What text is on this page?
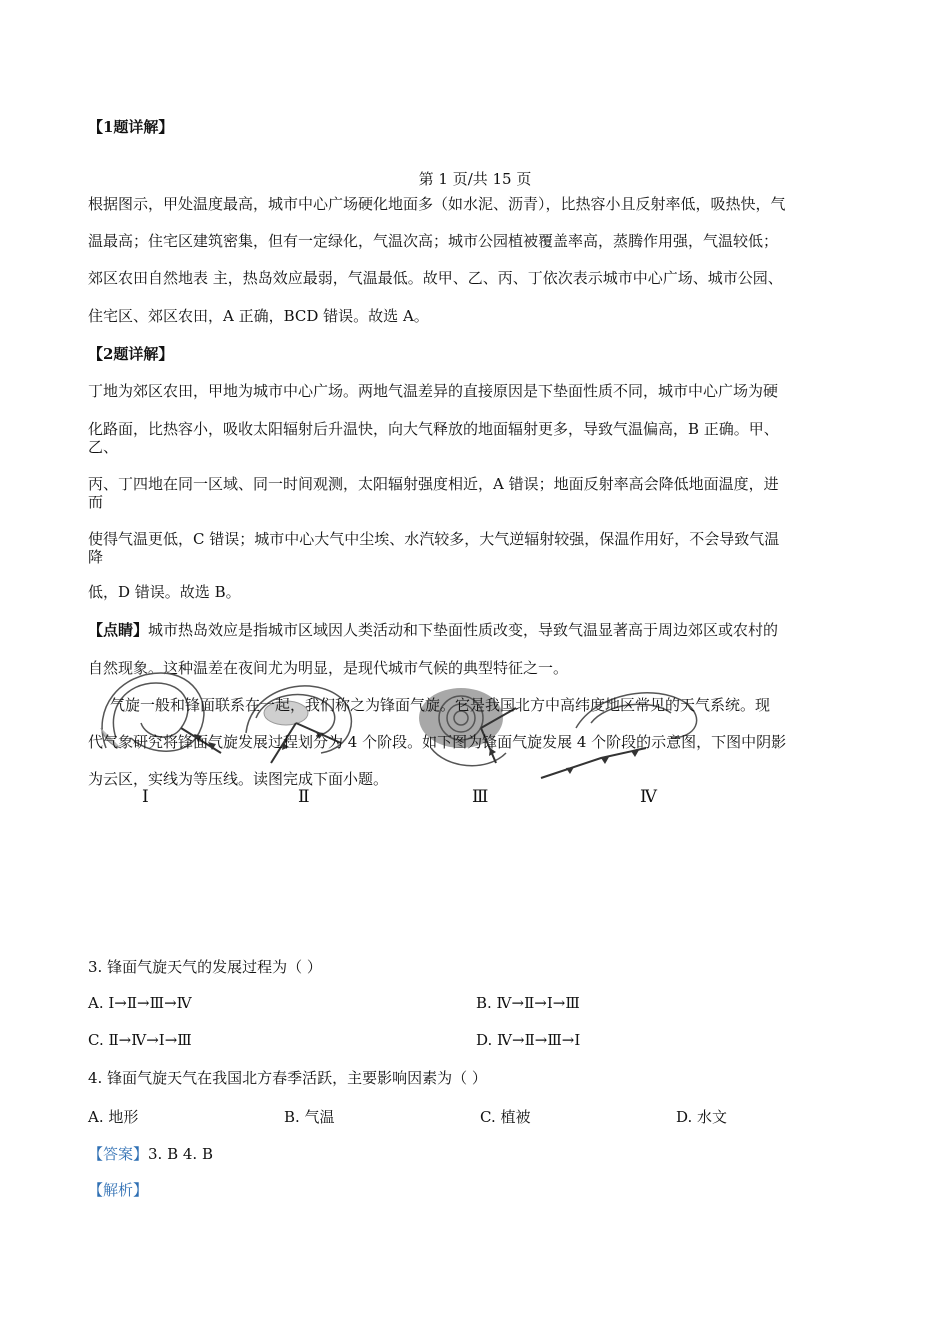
【1题详解】
第 1 页/共 15 页
根据图示，甲处温度最高，城市中心广场硬化地面多（如水泥、沥青），比热容小且反射率低，吸热快，气
温最高；住宅区建筑密集，但有一定绿化，气温次高；城市公园植被覆盖率高，蒸腾作用强，气温较低；
郊区农田自然地表 主，热岛效应最弱，气温最低。故甲、乙、丙、丁依次表示城市中心广场、城市公园、
住宅区、郊区农田，A 正确，BCD 错误。故选 A。
【2题详解】
丁地为郊区农田，甲地为城市中心广场。两地气温差异的直接原因是下垫面性质不同，城市中心广场为硬
化路面，比热容小，吸收太阳辐射后升温快，向大气释放的地面辐射更多，导致气温偏高，B 正确。甲、
乙、
丙、丁四地在同一区域、同一时间观测，太阳辐射强度相近，A 错误；地面反射率高会降低地面温度，进
而
使得气温更低，C 错误；城市中心大气中尘埃、水汽较多，大气逆辐射较强，保温作用好，不会导致气温
降
低，D 错误。故选 B。
【点睛】城市热岛效应是指城市区域因人类活动和下垫面性质改变，导致气温显著高于周边郊区或农村的
自然现象。这种温差在夜间尤为明显，是现代城市气候的典型特征之一。
气旋一般和锋面联系在一起，我们称之为锋面气旋。它是我国北方中高纬度地区常见的天气系统。现
代气象研究将锋面气旋发展过程划分为 4 个阶段。如下图为锋面气旋发展 4 个阶段的示意图，下图中阴影
为云区，实线为等压线。读图完成下面小题。
Ⅰ	Ⅱ	Ⅲ	Ⅳ
3. 锋面气旋天气的发展过程为（ ）
A. Ⅰ→Ⅱ→Ⅲ→Ⅳ	B. Ⅳ→Ⅱ→Ⅰ→Ⅲ
C. Ⅱ→Ⅳ→Ⅰ→Ⅲ	D. Ⅳ→Ⅱ→Ⅲ→Ⅰ
4. 锋面气旋天气在我国北方春季活跃，主要影响因素为（ ）
A. 地形	B. 气温	C. 植被	D. 水文
【答案】3. B 4. B
【解析】
